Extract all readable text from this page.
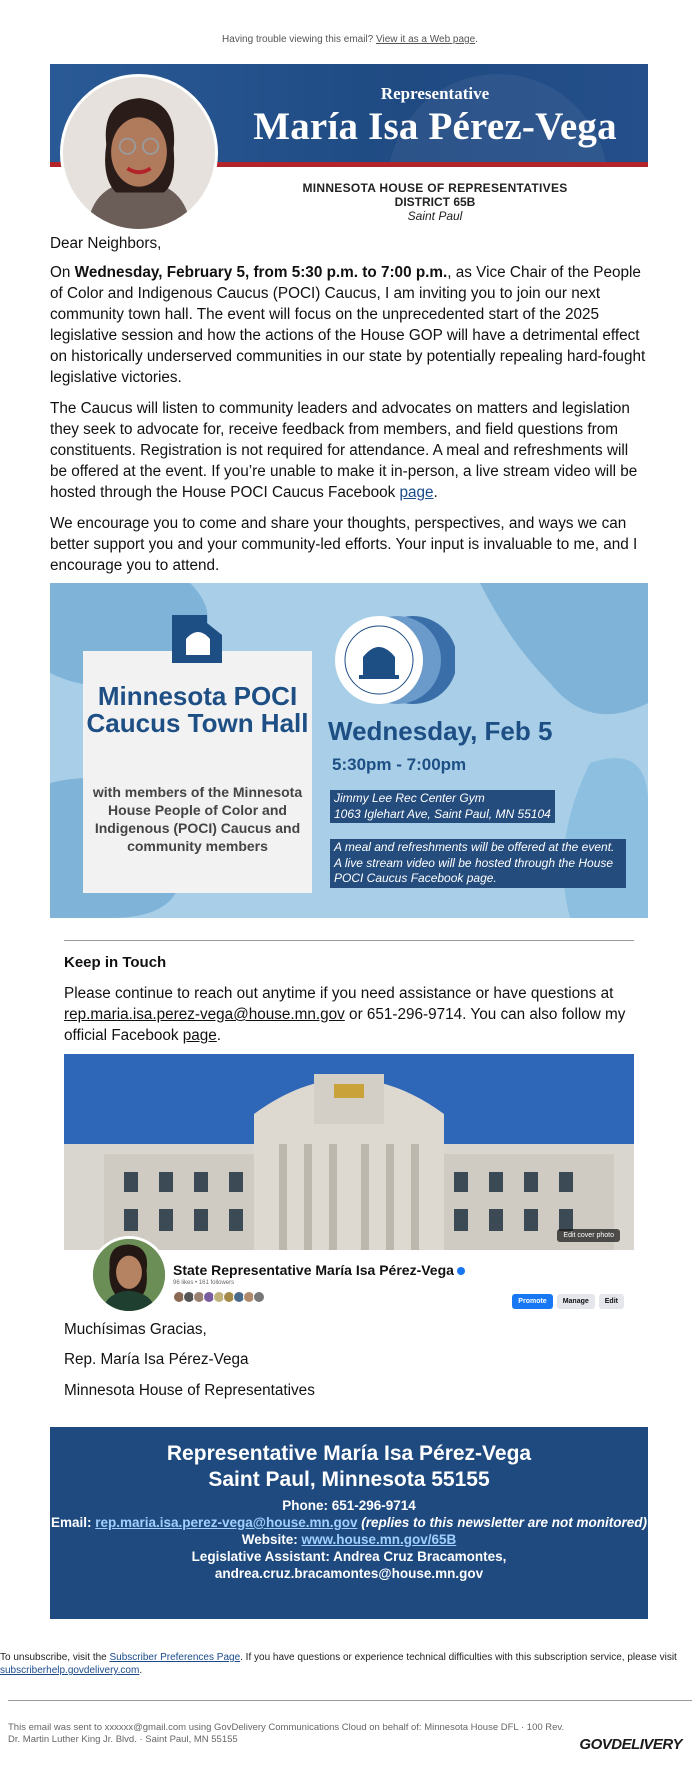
Having trouble viewing this email? View it as a Web page.
Representative
María Isa Pérez-Vega
MINNESOTA HOUSE OF REPRESENTATIVES
DISTRICT 65B
Saint Paul
Dear Neighbors,
On Wednesday, February 5, from 5:30 p.m. to 7:00 p.m., as Vice Chair of the People of Color and Indigenous Caucus (POCI) Caucus, I am inviting you to join our next community town hall. The event will focus on the unprecedented start of the 2025 legislative session and how the actions of the House GOP will have a detrimental effect on historically underserved communities in our state by potentially repealing hard-fought legislative victories.
The Caucus will listen to community leaders and advocates on matters and legislation they seek to advocate for, receive feedback from members, and field questions from constituents. Registration is not required for attendance. A meal and refreshments will be offered at the event. If you’re unable to make it in-person, a live stream video will be hosted through the House POCI Caucus Facebook page.
We encourage you to come and share your thoughts, perspectives, and ways we can better support you and your community-led efforts. Your input is invaluable to me, and I encourage you to attend.
Minnesota POCI Caucus Town Hall
with members of the Minnesota House People of Color and Indigenous (POCI) Caucus and community members
Wednesday, Feb 5
5:30pm - 7:00pm
Jimmy Lee Rec Center Gym
1063 Iglehart Ave, Saint Paul, MN 55104
A meal and refreshments will be offered at the event.
A live stream video will be hosted through the House
POCI Caucus Facebook page.
Keep in Touch
Please continue to reach out anytime if you need assistance or have questions at rep.maria.isa.perez-vega@house.mn.gov or 651-296-9714. You can also follow my official Facebook page.
Edit cover photo
State Representative María Isa Pérez-Vega
96 likes • 161 followers
Promote Manage Edit
Muchísimas Gracias,
Rep. María Isa Pérez-Vega
Minnesota House of Representatives
Representative María Isa Pérez-Vega
Saint Paul, Minnesota 55155
Phone: 651-296-9714
Email: rep.maria.isa.perez-vega@house.mn.gov (replies to this newsletter are not monitored)
Website: www.house.mn.gov/65B
Legislative Assistant: Andrea Cruz Bracamontes,
andrea.cruz.bracamontes@house.mn.gov
To unsubscribe, visit the Subscriber Preferences Page. If you have questions or experience technical difficulties with this subscription service, please visit subscriberhelp.govdelivery.com.
This email was sent to xxxxxx@gmail.com using GovDelivery Communications Cloud on behalf of: Minnesota House DFL · 100 Rev. Dr. Martin Luther King Jr. Blvd. · Saint Paul, MN 55155	GOVDELIVERY
